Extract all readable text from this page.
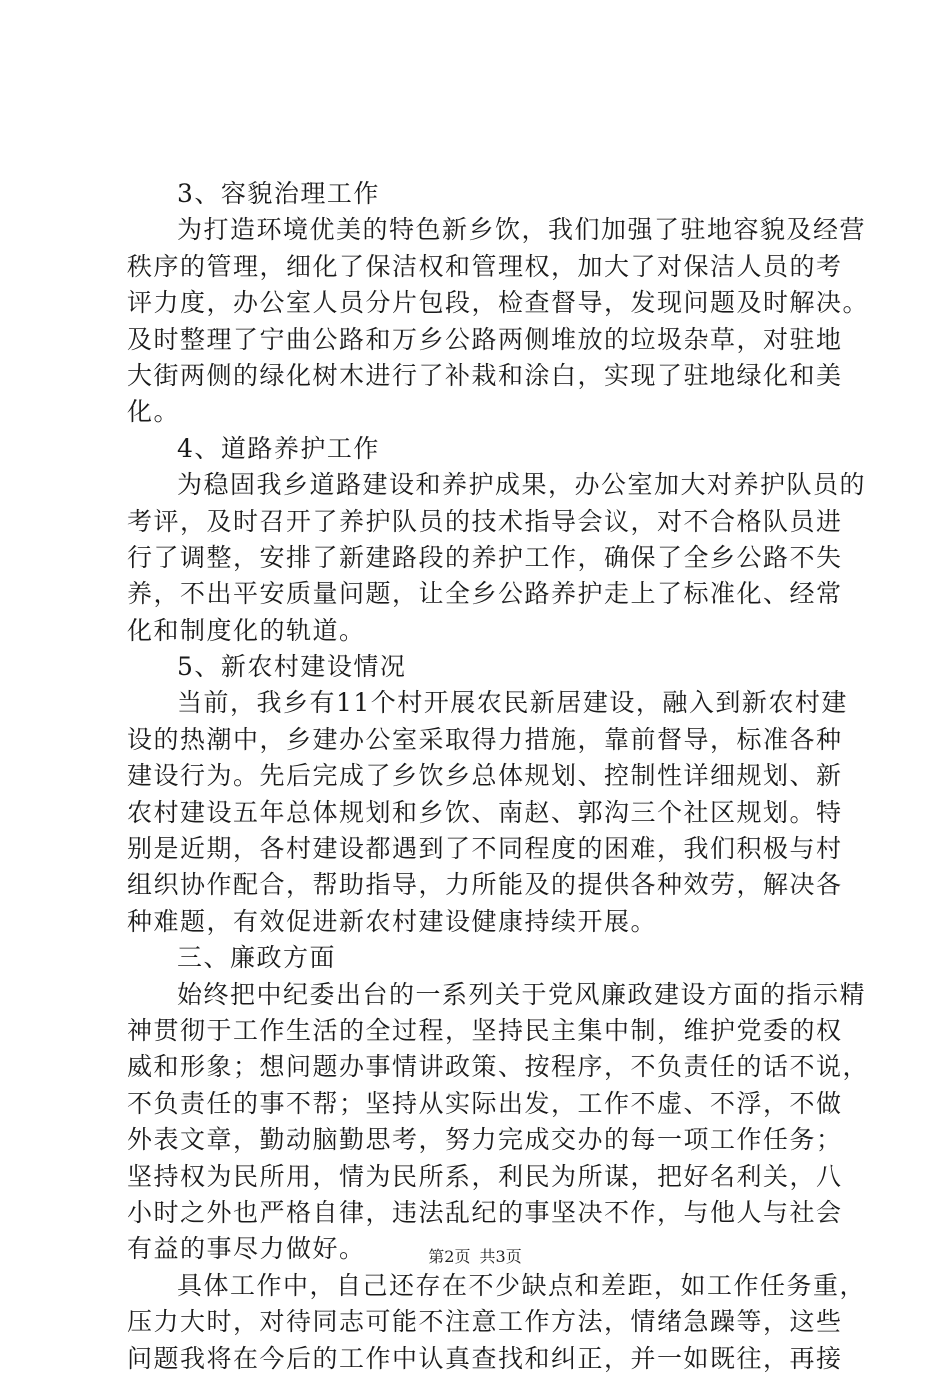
3、容貌治理工作
为打造环境优美的特色新乡饮，我们加强了驻地容貌及经营
秩序的管理，细化了保洁权和管理权，加大了对保洁人员的考
评力度，办公室人员分片包段，检查督导，发现问题及时解决。
及时整理了宁曲公路和万乡公路两侧堆放的垃圾杂草，对驻地
大街两侧的绿化树木进行了补栽和涂白，实现了驻地绿化和美
化。
4、道路养护工作
为稳固我乡道路建设和养护成果，办公室加大对养护队员的
考评，及时召开了养护队员的技术指导会议，对不合格队员进
行了调整，安排了新建路段的养护工作，确保了全乡公路不失
养，不出平安质量问题，让全乡公路养护走上了标准化、经常
化和制度化的轨道。
5、新农村建设情况
当前，我乡有11个村开展农民新居建设，融入到新农村建
设的热潮中，乡建办公室采取得力措施，靠前督导，标准各种
建设行为。先后完成了乡饮乡总体规划、控制性详细规划、新
农村建设五年总体规划和乡饮、南赵、郭沟三个社区规划。特
别是近期，各村建设都遇到了不同程度的困难，我们积极与村
组织协作配合，帮助指导，力所能及的提供各种效劳，解决各
种难题，有效促进新农村建设健康持续开展。
三、廉政方面
始终把中纪委出台的一系列关于党风廉政建设方面的指示精
神贯彻于工作生活的全过程，坚持民主集中制，维护党委的权
威和形象；想问题办事情讲政策、按程序，不负责任的话不说，
不负责任的事不帮；坚持从实际出发，工作不虚、不浮，不做
外表文章，勤动脑勤思考，努力完成交办的每一项工作任务；
坚持权为民所用，情为民所系，利民为所谋，把好名利关，八
小时之外也严格自律，违法乱纪的事坚决不作，与他人与社会
有益的事尽力做好。
具体工作中，自己还存在不少缺点和差距，如工作任务重，
压力大时，对待同志可能不注意工作方法，情绪急躁等，这些
问题我将在今后的工作中认真查找和纠正，并一如既往，再接
第2页 共3页
